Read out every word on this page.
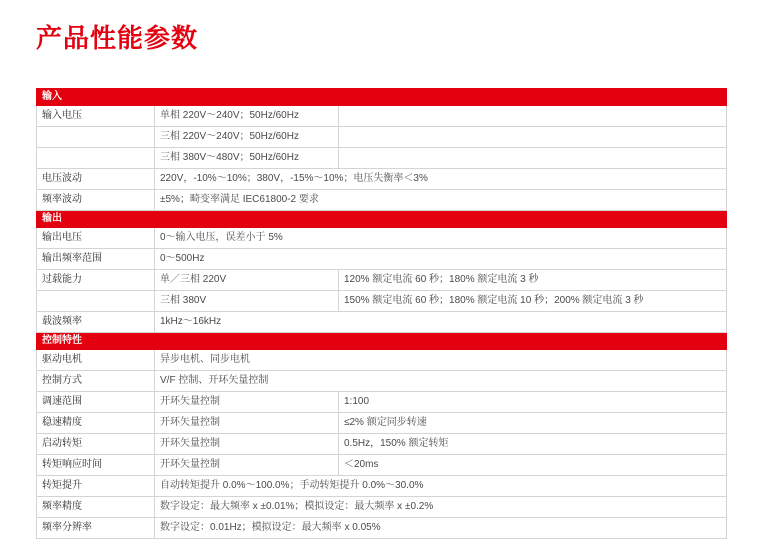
产品性能参数
输入		
输入电压	单相 220V～240V；50Hz/60Hz	
	三相 220V～240V；50Hz/60Hz	
	三相 380V～480V；50Hz/60Hz	
电压波动	220V，-10%～10%；380V，-15%～10%；电压失衡率＜3%	
频率波动	±5%；畸变率满足 IEC61800-2 要求	
输出		
输出电压	0～输入电压，误差小于 5%	
输出频率范围	0～500Hz	
过载能力	单／三相 220V	120% 额定电流 60 秒；180% 额定电流 3 秒
	三相 380V	150% 额定电流 60 秒；180% 额定电流 10 秒；200% 额定电流 3 秒
载波频率	1kHz～16kHz	
控制特性		
驱动电机	异步电机、同步电机	
控制方式	V/F 控制、开环矢量控制	
调速范围	开环矢量控制	1:100
稳速精度	开环矢量控制	≤2% 额定同步转速
启动转矩	开环矢量控制	0.5Hz，150% 额定转矩
转矩响应时间	开环矢量控制	＜20ms
转矩提升	自动转矩提升 0.0%～100.0%；手动转矩提升 0.0%～30.0%	
频率精度	数字设定：最大频率 x ±0.01%；模拟设定：最大频率 x ±0.2%	
频率分辨率	数字设定：0.01Hz；模拟设定：最大频率 x 0.05%	
